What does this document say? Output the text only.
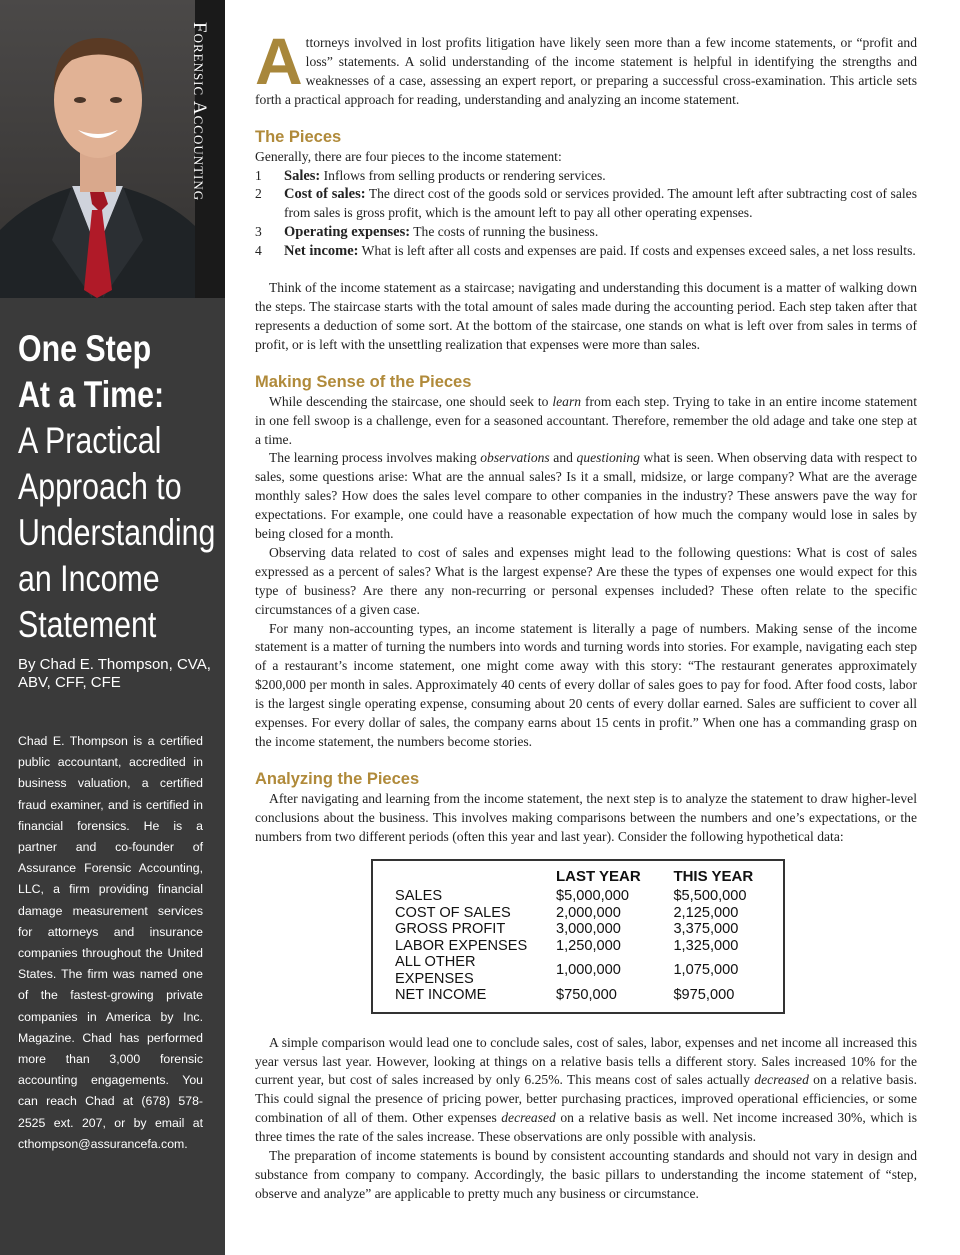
Forensic Accounting
One Step
At a Time:
A Practical
Approach to
Understanding
an Income
Statement
By Chad E. Thompson, CVA,
ABV, CFF, CFE
Chad E. Thompson is a certified public accountant, accredited in business valuation, a certified fraud examiner, and is certified in financial forensics. He is a partner and co-founder of Assurance Forensic Accounting, LLC, a firm providing financial damage measurement services for attorneys and insurance companies throughout the United States. The firm was named one of the fastest-growing private companies in America by Inc. Magazine. Chad has performed more than 3,000 forensic accounting engagements. You can reach Chad at (678) 578-2525 ext. 207, or by email at cthompson@assurancefa.com.

Attorneys involved in lost profits litigation have likely seen more than a few income statements, or “profit and loss” statements. A solid understanding of the income statement is helpful in identifying the strengths and weaknesses of a case, assessing an expert report, or preparing a successful cross-examination. This article sets forth a practical approach for reading, understanding and analyzing an income statement.

The Pieces

Generally, there are four pieces to the income statement:

1	Sales: Inflows from selling products or rendering services.
2	Cost of sales: The direct cost of the goods sold or services provided. The amount left after subtracting cost of sales from sales is gross profit, which is the amount left to pay all other operating expenses.
3	Operating expenses: The costs of running the business.
4	Net income: What is left after all costs and expenses are paid. If costs and expenses exceed sales, a net loss results.

Think of the income statement as a staircase; navigating and understanding this document is a matter of walking down the steps. The staircase starts with the total amount of sales made during the accounting period. Each step taken after that represents a deduction of some sort. At the bottom of the staircase, one stands on what is left over from sales in terms of profit, or is left with the unsettling realization that expenses were more than sales.

Making Sense of the Pieces

While descending the staircase, one should seek to learn from each step. Trying to take in an entire income statement in one fell swoop is a challenge, even for a seasoned accountant. Therefore, remember the old adage and take one step at a time.

The learning process involves making observations and questioning what is seen. When observing data with respect to sales, some questions arise: What are the annual sales? Is it a small, midsize, or large company? What are the average monthly sales? How does the sales level compare to other companies in the industry? These answers pave the way for expectations. For example, one could have a reasonable expectation of how much the company would lose in sales by being closed for a month.

Observing data related to cost of sales and expenses might lead to the following questions: What is cost of sales expressed as a percent of sales? What is the largest expense? Are these the types of expenses one would expect for this type of business? Are there any non-recurring or personal expenses included? These often relate to the specific circumstances of a given case.

For many non-accounting types, an income statement is literally a page of numbers. Making sense of the income statement is a matter of turning the numbers into words and turning words into stories. For example, navigating each step of a restaurant’s income statement, one might come away with this story: “The restaurant generates approximately $200,000 per month in sales. Approximately 40 cents of every dollar of sales goes to pay for food. After food costs, labor is the largest single operating expense, consuming about 20 cents of every dollar earned. Sales are sufficient to cover all expenses. For every dollar of sales, the company earns about 15 cents in profit.” When one has a commanding grasp on the income statement, the numbers become stories.

Analyzing the Pieces

After navigating and learning from the income statement, the next step is to analyze the statement to draw higher-level conclusions about the business. This involves making comparisons between the numbers and one’s expectations, or the numbers from two different periods (often this year and last year). Consider the following hypothetical data:

	LAST YEAR	THIS YEAR
SALES	$5,000,000	$5,500,000
COST OF SALES	2,000,000	2,125,000
GROSS PROFIT	3,000,000	3,375,000
LABOR EXPENSES	1,250,000	1,325,000
ALL OTHER EXPENSES	1,000,000	1,075,000
NET INCOME	$750,000	$975,000

A simple comparison would lead one to conclude sales, cost of sales, labor, expenses and net income all increased this year versus last year. However, looking at things on a relative basis tells a different story. Sales increased 10% for the current year, but cost of sales increased by only 6.25%. This means cost of sales actually decreased on a relative basis. This could signal the presence of pricing power, better purchasing practices, improved operational efficiencies, or some combination of all of them. Other expenses decreased on a relative basis as well. Net income increased 30%, which is three times the rate of the sales increase. These observations are only possible with analysis.

The preparation of income statements is bound by consistent accounting standards and should not vary in design and substance from company to company. Accordingly, the basic pillars to understanding the income statement of “step, observe and analyze” are applicable to pretty much any business or circumstance.
